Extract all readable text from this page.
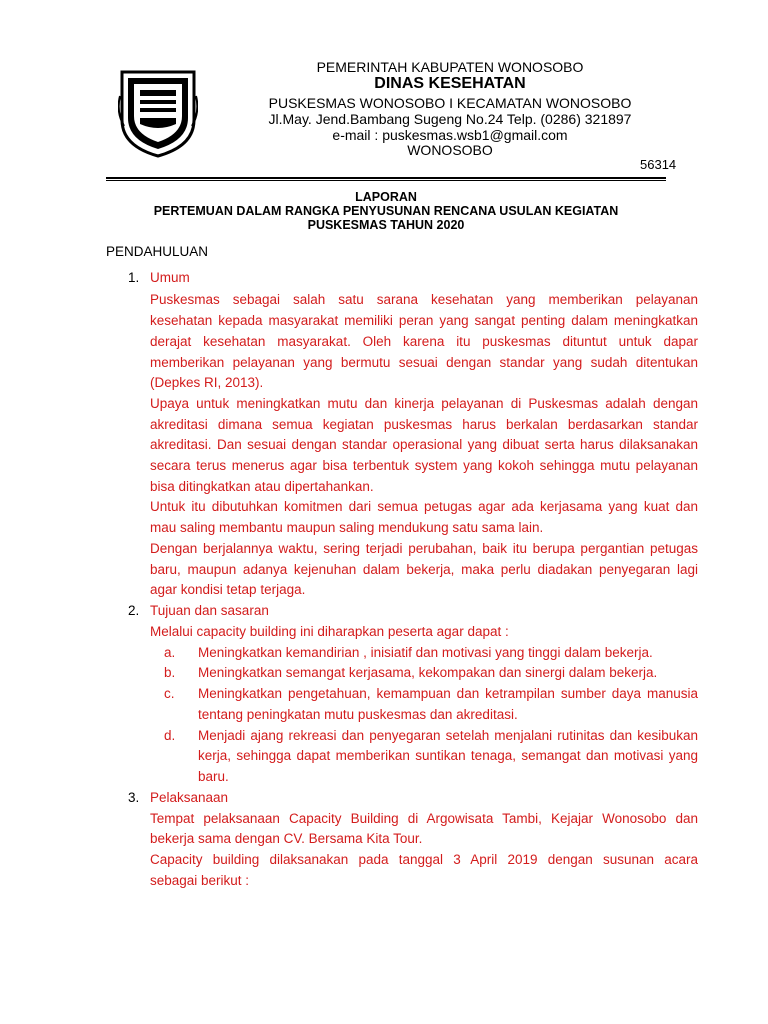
PEMERINTAH KABUPATEN WONOSOBO
DINAS KESEHATAN
PUSKESMAS WONOSOBO I KECAMATAN WONOSOBO
Jl.May. Jend.Bambang Sugeng No.24 Telp. (0286) 321897
e-mail : puskesmas.wsb1@gmail.com
WONOSOBO
56314
LAPORAN
PERTEMUAN DALAM RANGKA PENYUSUNAN RENCANA USULAN KEGIATAN
PUSKESMAS TAHUN 2020
PENDAHULUAN
1. Umum
Puskesmas sebagai salah satu sarana kesehatan yang memberikan pelayanan
kesehatan kepada masyarakat memiliki peran yang sangat penting dalam meningkatkan
derajat kesehatan masyarakat. Oleh karena itu puskesmas dituntut untuk dapar
memberikan pelayanan yang bermutu sesuai dengan standar yang sudah ditentukan
(Depkes RI, 2013).
Upaya untuk meningkatkan mutu dan kinerja pelayanan di Puskesmas adalah dengan
akreditasi dimana semua kegiatan puskesmas harus berkalan berdasarkan standar
akreditasi. Dan sesuai dengan standar operasional yang dibuat serta harus dilaksanakan
secara terus menerus agar bisa terbentuk system yang kokoh sehingga mutu pelayanan
bisa ditingkatkan atau dipertahankan.
Untuk itu dibutuhkan komitmen dari semua petugas agar ada kerjasama yang kuat dan
mau saling membantu maupun saling mendukung satu sama lain.
Dengan berjalannya waktu, sering terjadi perubahan, baik itu berupa pergantian petugas
baru, maupun adanya kejenuhan dalam bekerja, maka perlu diadakan penyegaran lagi
agar kondisi tetap terjaga.
2. Tujuan dan sasaran
Melalui capacity building ini diharapkan peserta agar dapat :
a. Meningkatkan kemandirian , inisiatif dan motivasi yang tinggi dalam bekerja.
b. Meningkatkan semangat kerjasama, kekompakan dan sinergi dalam bekerja.
c. Meningkatkan pengetahuan, kemampuan dan ketrampilan sumber daya manusia
tentang peningkatan mutu puskesmas dan akreditasi.
d. Menjadi ajang rekreasi dan penyegaran setelah menjalani rutinitas dan kesibukan
kerja, sehingga dapat memberikan suntikan tenaga, semangat dan motivasi yang
baru.
3. Pelaksanaan
Tempat pelaksanaan Capacity Building di Argowisata Tambi, Kejajar Wonosobo dan
bekerja sama dengan CV. Bersama Kita Tour.
Capacity building dilaksanakan pada tanggal 3 April 2019 dengan susunan acara
sebagai berikut :
